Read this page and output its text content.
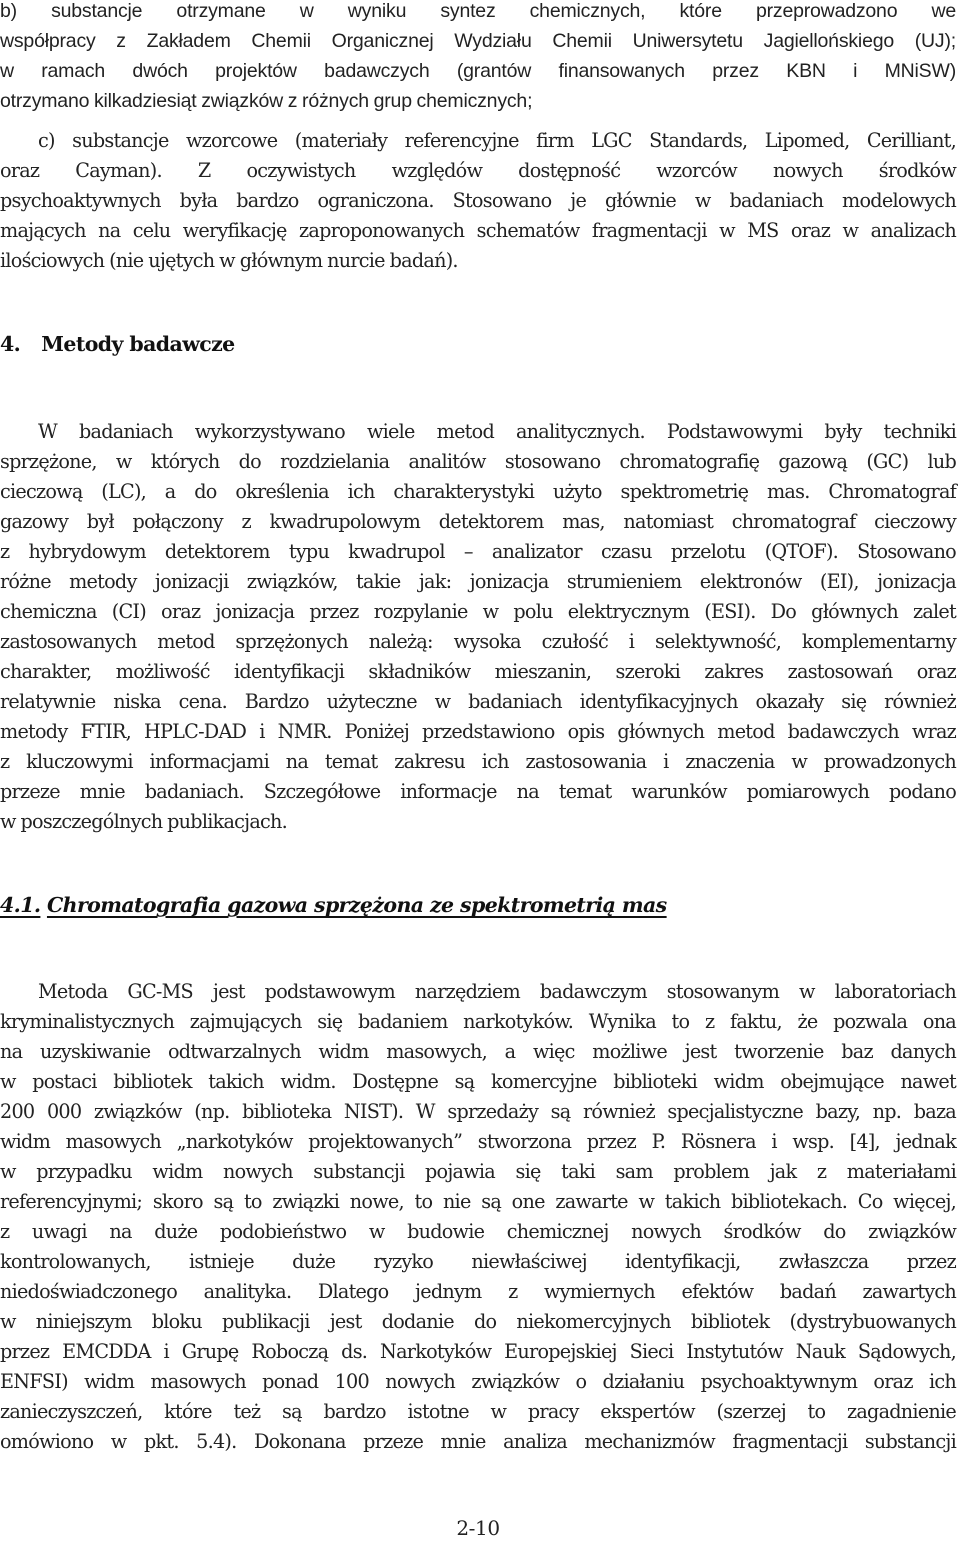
b) substancje otrzymane w wyniku syntez chemicznych, które przeprowadzono we
współpracy z Zakładem Chemii Organicznej Wydziału Chemii Uniwersytetu Jagiellońskiego (UJ);
w ramach dwóch projektów badawczych (grantów finansowanych przez KBN i MNiSW)
otrzymano kilkadziesiąt związków z różnych grup chemicznych;
c) substancje wzorcowe (materiały referencyjne firm LGC Standards, Lipomed, Cerilliant,
oraz Cayman). Z oczywistych względów dostępność wzorców nowych środków
psychoaktywnych była bardzo ograniczona. Stosowano je głównie w badaniach modelowych
mających na celu weryfikację zaproponowanych schematów fragmentacji w MS oraz w analizach
ilościowych (nie ujętych w głównym nurcie badań).
4. Metody badawcze
W badaniach wykorzystywano wiele metod analitycznych. Podstawowymi były techniki
sprzężone, w których do rozdzielania analitów stosowano chromatografię gazową (GC) lub
cieczową (LC), a do określenia ich charakterystyki użyto spektrometrię mas. Chromatograf
gazowy był połączony z kwadrupolowym detektorem mas, natomiast chromatograf cieczowy
z hybrydowym detektorem typu kwadrupol – analizator czasu przelotu (QTOF). Stosowano
różne metody jonizacji związków, takie jak: jonizacja strumieniem elektronów (EI), jonizacja
chemiczna (CI) oraz jonizacja przez rozpylanie w polu elektrycznym (ESI). Do głównych zalet
zastosowanych metod sprzężonych należą: wysoka czułość i selektywność, komplementarny
charakter, możliwość identyfikacji składników mieszanin, szeroki zakres zastosowań oraz
relatywnie niska cena. Bardzo użyteczne w badaniach identyfikacyjnych okazały się również
metody FTIR, HPLC-DAD i NMR. Poniżej przedstawiono opis głównych metod badawczych wraz
z kluczowymi informacjami na temat zakresu ich zastosowania i znaczenia w prowadzonych
przeze mnie badaniach. Szczegółowe informacje na temat warunków pomiarowych podano
w poszczególnych publikacjach.
4.1. Chromatografia gazowa sprzężona ze spektrometrią mas
Metoda GC-MS jest podstawowym narzędziem badawczym stosowanym w laboratoriach
kryminalistycznych zajmujących się badaniem narkotyków. Wynika to z faktu, że pozwala ona
na uzyskiwanie odtwarzalnych widm masowych, a więc możliwe jest tworzenie baz danych
w postaci bibliotek takich widm. Dostępne są komercyjne biblioteki widm obejmujące nawet
200 000 związków (np. biblioteka NIST). W sprzedaży są również specjalistyczne bazy, np. baza
widm masowych „narkotyków projektowanych” stworzona przez P. Rösnera i wsp. [4], jednak
w przypadku widm nowych substancji pojawia się taki sam problem jak z materiałami
referencyjnymi; skoro są to związki nowe, to nie są one zawarte w takich bibliotekach. Co więcej,
z uwagi na duże podobieństwo w budowie chemicznej nowych środków do związków
kontrolowanych, istnieje duże ryzyko niewłaściwej identyfikacji, zwłaszcza przez
niedoświadczonego analityka. Dlatego jednym z wymiernych efektów badań zawartych
w niniejszym bloku publikacji jest dodanie do niekomercyjnych bibliotek (dystrybuowanych
przez EMCDDA i Grupę Roboczą ds. Narkotyków Europejskiej Sieci Instytutów Nauk Sądowych,
ENFSI) widm masowych ponad 100 nowych związków o działaniu psychoaktywnym oraz ich
zanieczyszczeń, które też są bardzo istotne w pracy ekspertów (szerzej to zagadnienie
omówiono w pkt. 5.4). Dokonana przeze mnie analiza mechanizmów fragmentacji substancji
2-10
